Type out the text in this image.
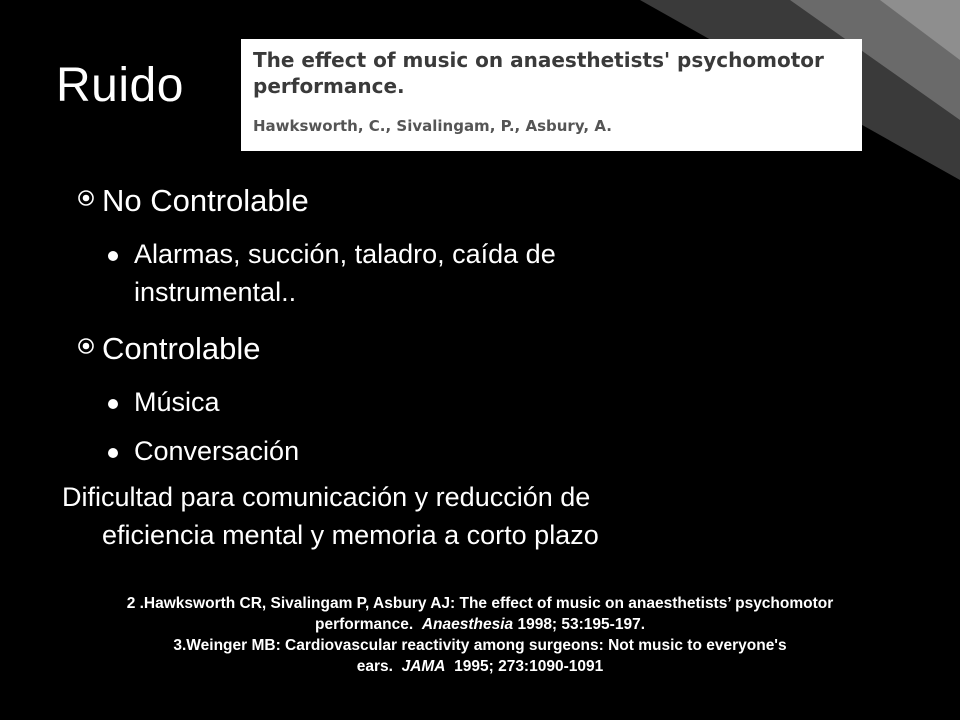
Ruido	The effect of music on anaesthetists' psychomotor performance.
Hawksworth, C., Sivalingam, P., Asbury, A.
No Controlable
Alarmas, succión, taladro, caída de
instrumental..
Controlable
Música
Conversación
Dificultad para comunicación y reducción de
eficiencia mental y memoria a corto plazo
2 .Hawksworth CR, Sivalingam P, Asbury AJ: The effect of music on anaesthetists’ psychomotor
performance. Anaesthesia 1998; 53:195-197.
3.Weinger MB: Cardiovascular reactivity among surgeons: Not music to everyone's
ears. JAMA 1995; 273:1090-1091
